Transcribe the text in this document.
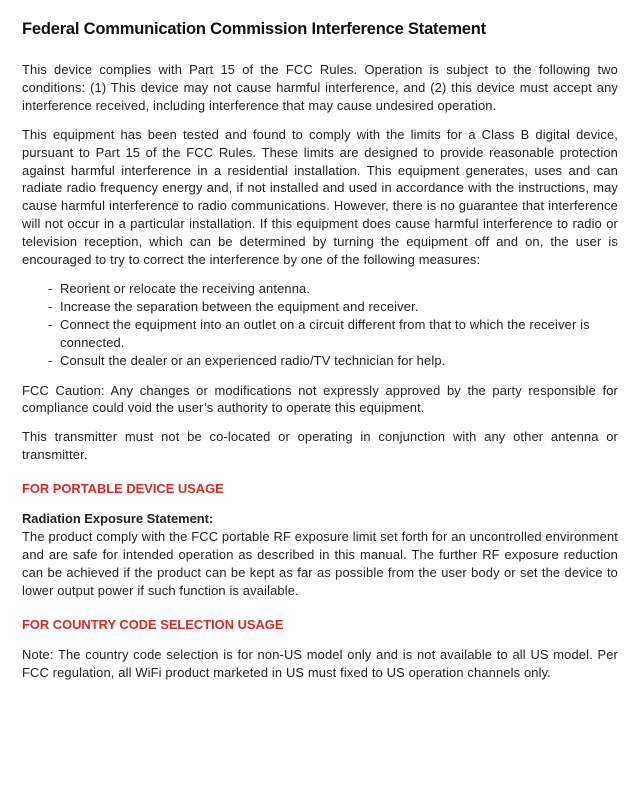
Federal Communication Commission Interference Statement

This device complies with Part 15 of the FCC Rules. Operation is subject to the following two conditions: (1) This device may not cause harmful interference, and (2) this device must accept any interference received, including interference that may cause undesired operation.

This equipment has been tested and found to comply with the limits for a Class B digital device, pursuant to Part 15 of the FCC Rules. These limits are designed to provide reasonable protection against harmful interference in a residential installation. This equipment generates, uses and can radiate radio frequency energy and, if not installed and used in accordance with the instructions, may cause harmful interference to radio communications. However, there is no guarantee that interference will not occur in a particular installation. If this equipment does cause harmful interference to radio or television reception, which can be determined by turning the equipment off and on, the user is encouraged to try to correct the interference by one of the following measures:

- Reorient or relocate the receiving antenna.
- Increase the separation between the equipment and receiver.
- Connect the equipment into an outlet on a circuit different from that to which the receiver is connected.
- Consult the dealer or an experienced radio/TV technician for help.

FCC Caution: Any changes or modifications not expressly approved by the party responsible for compliance could void the user’s authority to operate this equipment.

This transmitter must not be co-located or operating in conjunction with any other antenna or transmitter.

FOR PORTABLE DEVICE USAGE
Radiation Exposure Statement:

The product comply with the FCC portable RF exposure limit set forth for an uncontrolled environment and are safe for intended operation as described in this manual. The further RF exposure reduction can be achieved if the product can be kept as far as possible from the user body or set the device to lower output power if such function is available.

FOR COUNTRY CODE SELECTION USAGE

Note: The country code selection is for non-US model only and is not available to all US model. Per FCC regulation, all WiFi product marketed in US must fixed to US operation channels only.
